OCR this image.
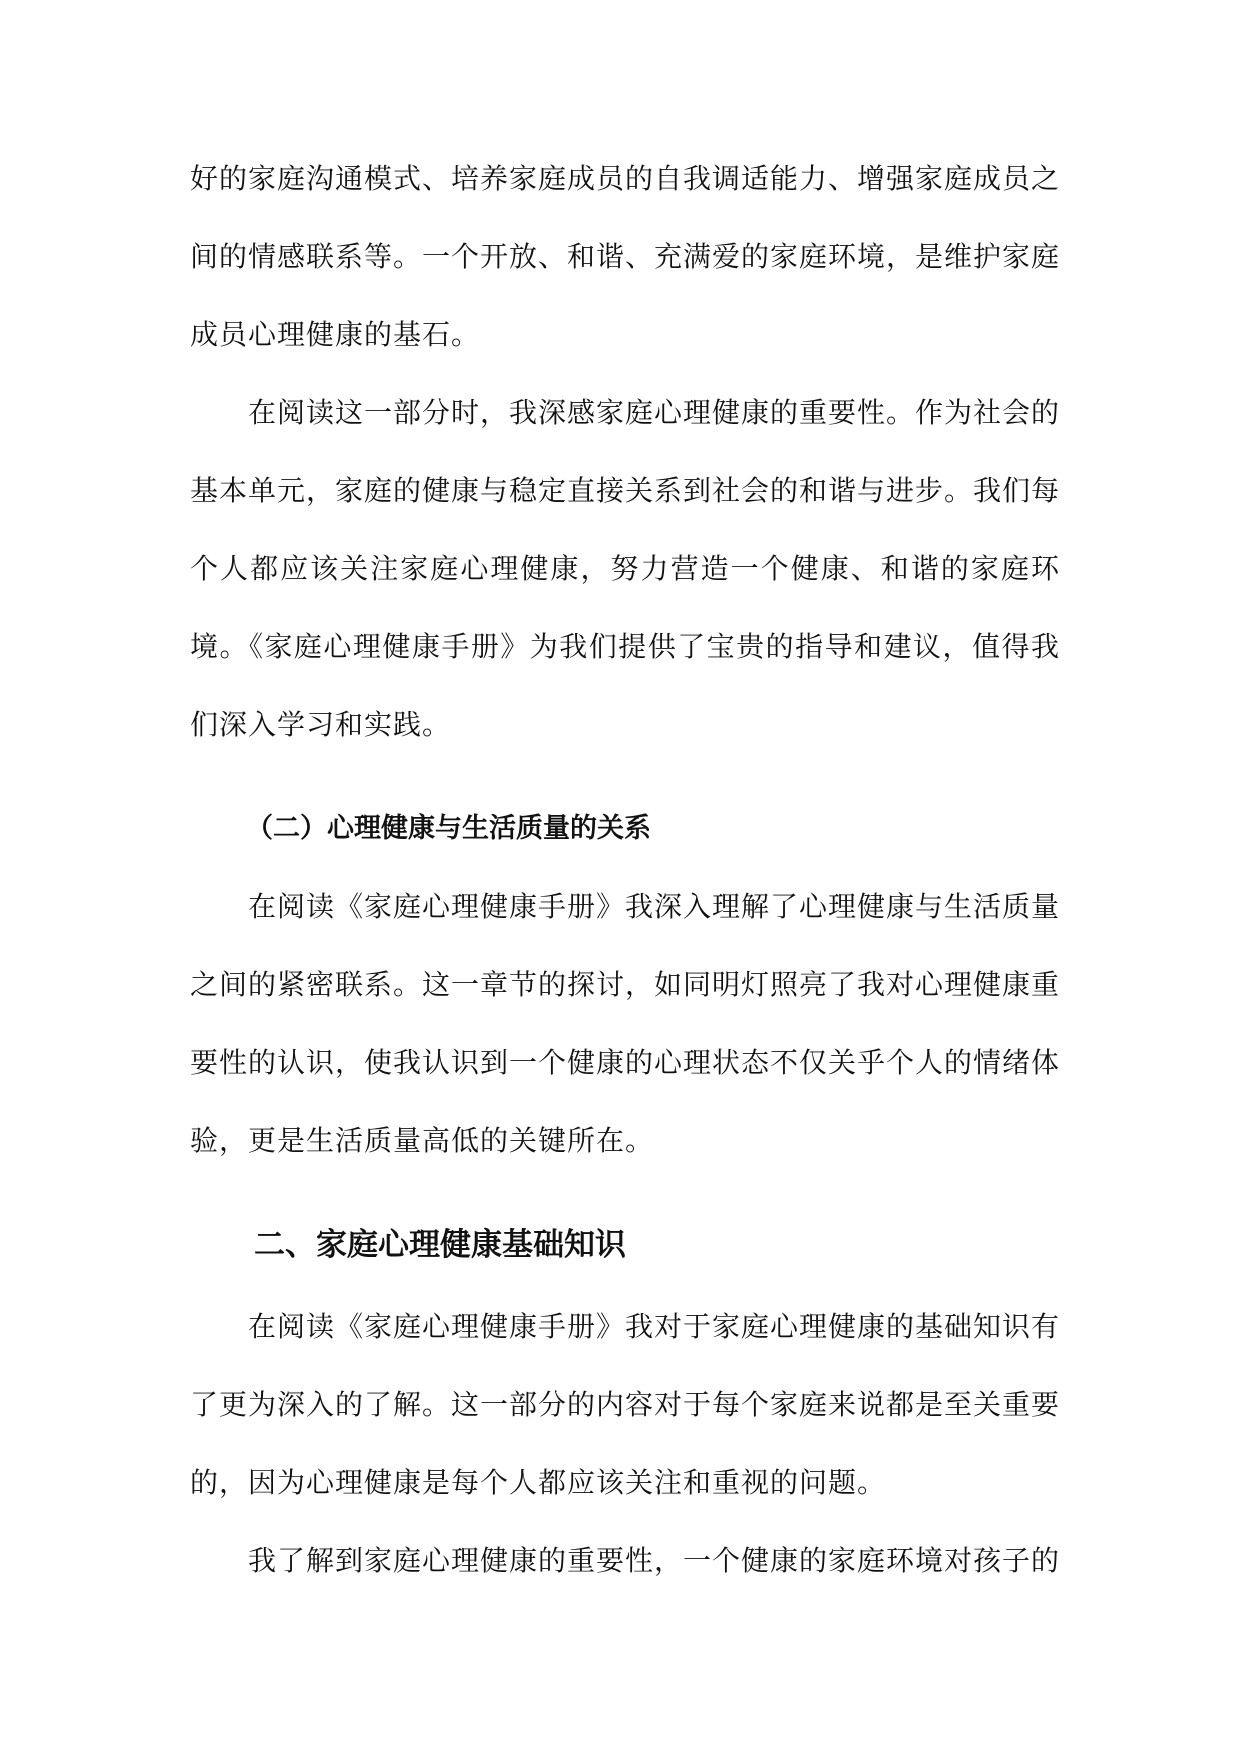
好的家庭沟通模式、培养家庭成员的自我调适能力、增强家庭成员之间的情感联系等。一个开放、和谐、充满爱的家庭环境，是维护家庭成员心理健康的基石。

在阅读这一部分时，我深感家庭心理健康的重要性。作为社会的基本单元，家庭的健康与稳定直接关系到社会的和谐与进步。我们每个人都应该关注家庭心理健康，努力营造一个健康、和谐的家庭环境。《家庭心理健康手册》为我们提供了宝贵的指导和建议，值得我们深入学习和实践。

（二）心理健康与生活质量的关系

在阅读《家庭心理健康手册》我深入理解了心理健康与生活质量之间的紧密联系。这一章节的探讨，如同明灯照亮了我对心理健康重要性的认识，使我认识到一个健康的心理状态不仅关乎个人的情绪体验，更是生活质量高低的关键所在。

二、家庭心理健康基础知识

在阅读《家庭心理健康手册》我对于家庭心理健康的基础知识有了更为深入的了解。这一部分的内容对于每个家庭来说都是至关重要的，因为心理健康是每个人都应该关注和重视的问题。

我了解到家庭心理健康的重要性，一个健康的家庭环境对孩子的
